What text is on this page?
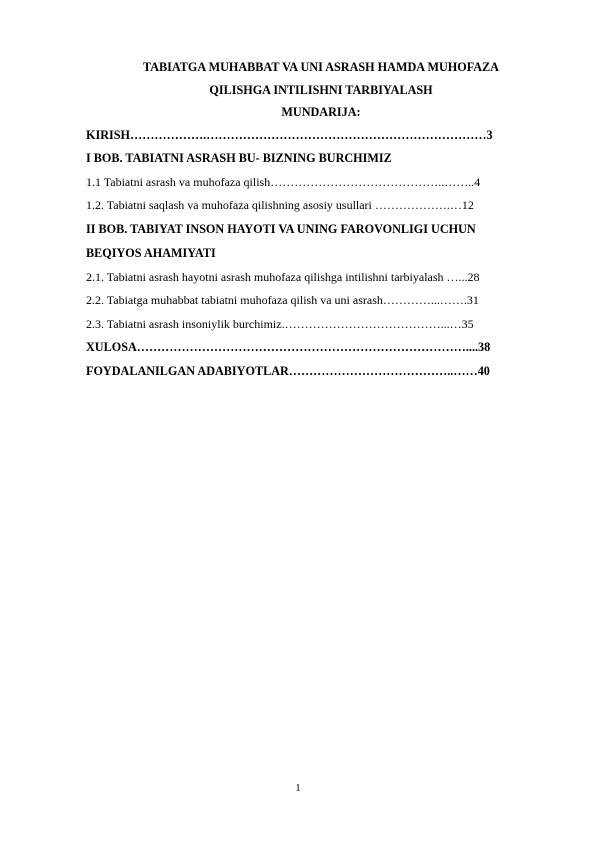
TABIATGA MUHABBAT VA UNI ASRASH HAMDA MUHOFAZA
QILISHGA INTILISHNI TARBIYALASH
MUNDARIJA:
KIRISH……………….……………………………………………………………3
I BOB. TABIATNI ASRASH BU- BIZNING BURCHIMIZ
1.1 Tabiatni asrash va muhofaza qilish……………………………………..……..4
1.2. Tabiatni saqlash va muhofaza qilishning asosiy usullari ……………….…12
II BOB. TABIYAT INSON HAYOTI VA UNING FAROVONLIGI UCHUN
BEQIYOS AHAMIYATI
2.1. Tabiatni asrash hayotni asrash muhofaza qilishga intilishni tarbiyalash …...28
2.2. Tabiatga muhabbat tabiatni muhofaza qilish va uni asrash…………...…….31
2.3. Tabiatni asrash insoniylik burchimiz.…………………………………...…35
XULOSA………………………………………………………………………....38
FOYDALANILGAN ADABIYOTLAR…………………………………..……40
1
